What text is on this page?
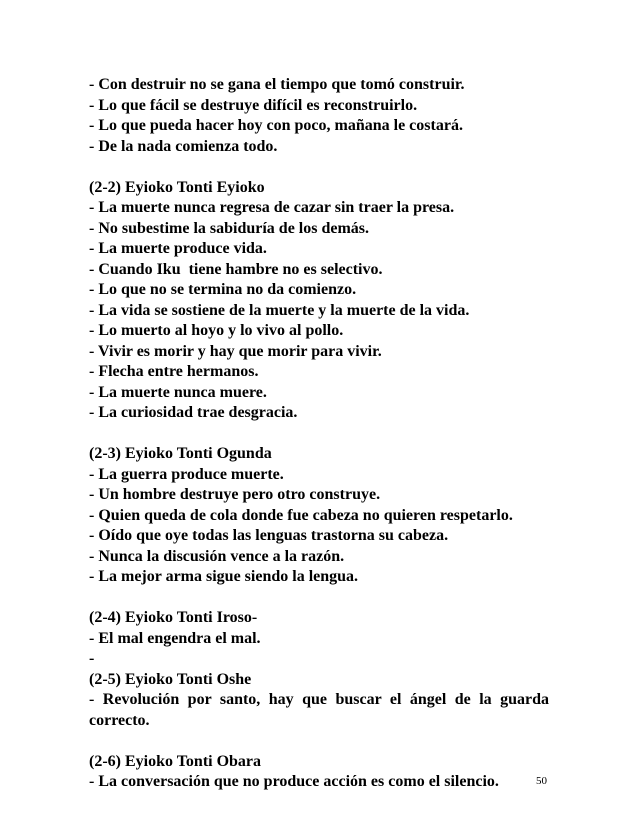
- Con destruir no se gana el tiempo que tomó construir.
- Lo que fácil se destruye difícil es reconstruirlo.
- Lo que pueda hacer hoy con poco, mañana le costará.
- De la nada comienza todo.
(2-2) Eyioko Tonti Eyioko
- La muerte nunca regresa de cazar sin traer la presa.
- No subestime la sabiduría de los demás.
- La muerte produce vida.
- Cuando Iku  tiene hambre no es selectivo.
- Lo que no se termina no da comienzo.
- La vida se sostiene de la muerte y la muerte de la vida.
- Lo muerto al hoyo y lo vivo al pollo.
- Vivir es morir y hay que morir para vivir.
- Flecha entre hermanos.
- La muerte nunca muere.
- La curiosidad trae desgracia.
(2-3) Eyioko Tonti Ogunda
- La guerra produce muerte.
- Un hombre destruye pero otro construye.
- Quien queda de cola donde fue cabeza no quieren respetarlo.
- Oído que oye todas las lenguas trastorna su cabeza.
- Nunca la discusión vence a la razón.
- La mejor arma sigue siendo la lengua.
(2-4) Eyioko Tonti Iroso-
- El mal engendra el mal.
-
(2-5) Eyioko Tonti Oshe
- Revolución por santo, hay que buscar el ángel de la guarda
correcto.
(2-6) Eyioko Tonti Obara
- La conversación que no produce acción es como el silencio.	50
